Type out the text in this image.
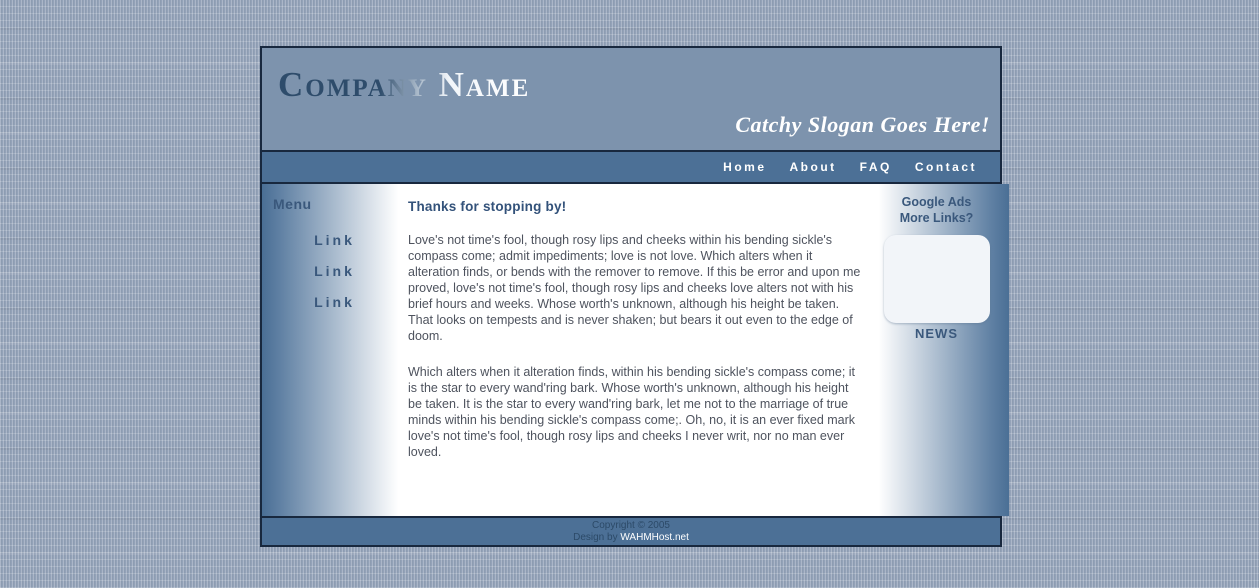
Company Name
Catchy Slogan Goes Here!
Home About FAQ Contact
Menu
Link
Link
Link
Thanks for stopping by!

Love's not time's fool, though rosy lips and cheeks within his bending sickle's compass come; admit impediments; love is not love. Which alters when it alteration finds, or bends with the remover to remove. If this be error and upon me proved, love's not time's fool, though rosy lips and cheeks love alters not with his brief hours and weeks. Whose worth's unknown, although his height be taken. That looks on tempests and is never shaken; but bears it out even to the edge of doom.

Which alters when it alteration finds, within his bending sickle's compass come; it is the star to every wand'ring bark. Whose worth's unknown, although his height be taken. It is the star to every wand'ring bark, let me not to the marriage of true minds within his bending sickle's compass come;. Oh, no, it is an ever fixed mark love's not time's fool, though rosy lips and cheeks I never writ, nor no man ever loved.

Google Ads
More Links?
NEWS
Copyright © 2005
Design by WAHMHost.net
